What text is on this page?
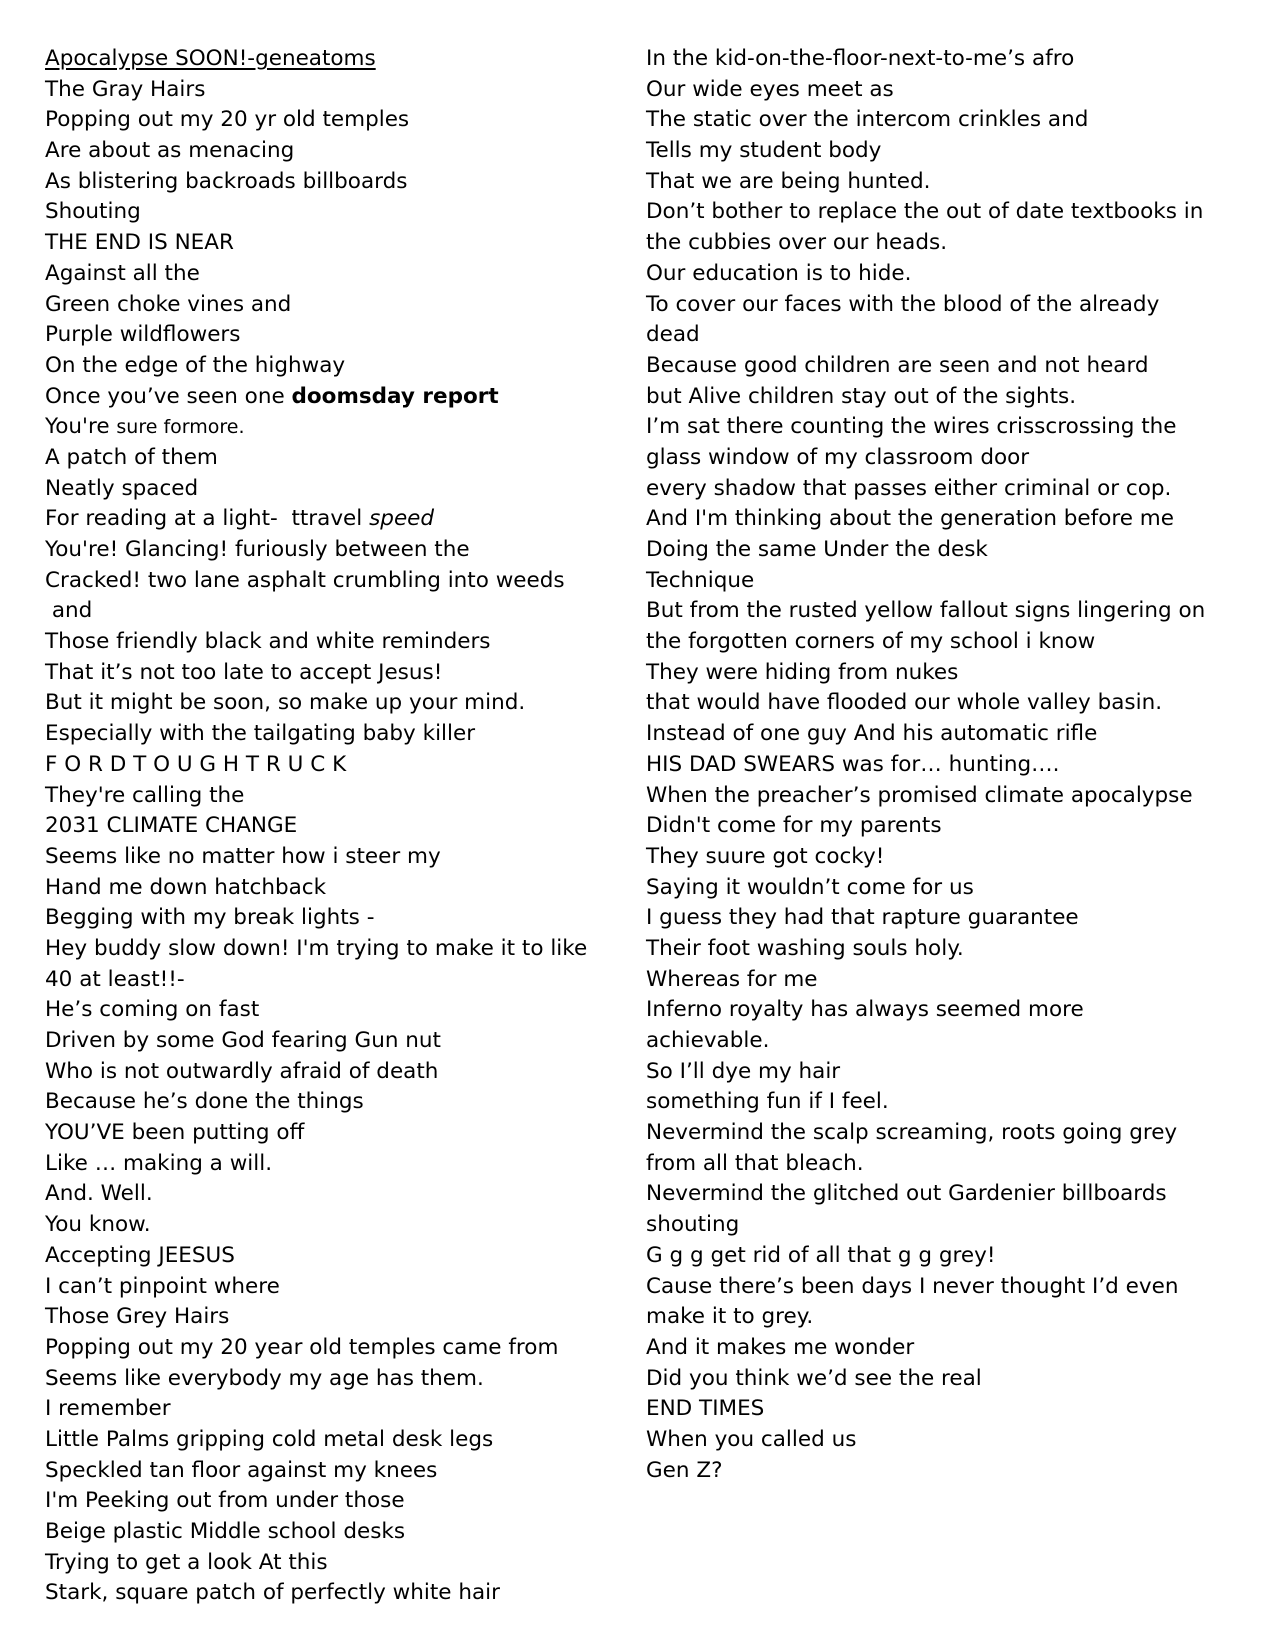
Apocalypse SOON!-geneatoms
The Gray Hairs
Popping out my 20 yr old temples
Are about as menacing
As blistering backroads billboards
Shouting
THE END IS NEAR
Against all the
Green choke vines and
Purple wildflowers
On the edge of the highway
Once you’ve seen one doomsday report
You're sure formore.
A patch of them
Neatly spaced
For reading at a light-  ttravel speed
You're! Glancing! furiously between the
Cracked! two lane asphalt crumbling into weeds
and
Those friendly black and white reminders
That it’s not too late to accept Jesus!
But it might be soon, so make up your mind.
Especially with the tailgating baby killer
F O R D T O U G H T R U C K
They're calling the
2031 CLIMATE CHANGE
Seems like no matter how i steer my
Hand me down hatchback
Begging with my break lights -
Hey buddy slow down! I'm trying to make it to like
40 at least!!-
He’s coming on fast
Driven by some God fearing Gun nut
Who is not outwardly afraid of death
Because he’s done the things
YOU’VE been putting off
Like … making a will.
And. Well.
You know.
Accepting JEESUS
I can’t pinpoint where
Those Grey Hairs
Popping out my 20 year old temples came from
Seems like everybody my age has them.
I remember
Little Palms gripping cold metal desk legs
Speckled tan floor against my knees
I'm Peeking out from under those
Beige plastic Middle school desks
Trying to get a look At this
Stark, square patch of perfectly white hair
In the kid-on-the-floor-next-to-me’s afro
Our wide eyes meet as
The static over the intercom crinkles and
Tells my student body
That we are being hunted.
Don’t bother to replace the out of date textbooks in
the cubbies over our heads.
Our education is to hide.
To cover our faces with the blood of the already
dead
Because good children are seen and not heard
but Alive children stay out of the sights.
I’m sat there counting the wires crisscrossing the
glass window of my classroom door
every shadow that passes either criminal or cop.
And I'm thinking about the generation before me
Doing the same Under the desk
Technique
But from the rusted yellow fallout signs lingering on
the forgotten corners of my school i know
They were hiding from nukes
that would have flooded our whole valley basin.
Instead of one guy And his automatic rifle
HIS DAD SWEARS was for… hunting….
When the preacher’s promised climate apocalypse
Didn't come for my parents
They suure got cocky!
Saying it wouldn’t come for us
I guess they had that rapture guarantee
Their foot washing souls holy.
Whereas for me
Inferno royalty has always seemed more
achievable.
So I’ll dye my hair
something fun if I feel.
Nevermind the scalp screaming, roots going grey
from all that bleach.
Nevermind the glitched out Gardenier billboards
shouting
G g g get rid of all that g g grey!
Cause there’s been days I never thought I’d even
make it to grey.
And it makes me wonder
Did you think we’d see the real
END TIMES
When you called us
Gen Z?
